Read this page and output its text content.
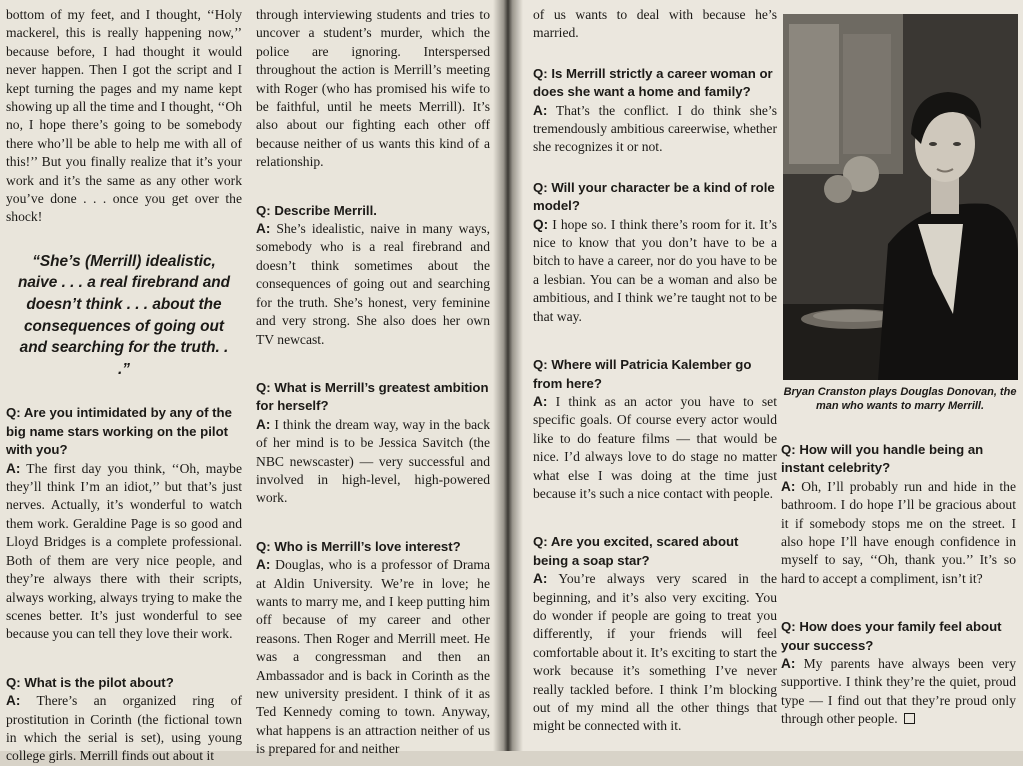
bottom of my feet, and I thought, ‘‘Holy mackerel, this is really happening now,’’ because before, I had thought it would never happen. Then I got the script and I kept turning the pages and my name kept showing up all the time and I thought, ‘‘Oh no, I hope there’s going to be somebody there who’ll be able to help me with all of this!’’ But you finally realize that it’s your work and it’s the same as any other work you’ve done . . . once you get over the shock!

“She’s (Merrill) idealistic, naive . . . a real firebrand and doesn’t think . . . about the consequences of going out and searching for the truth. . .”

Q: Are you intimidated by any of the big name stars working on the pilot with you?

A: The first day you think, ‘‘Oh, maybe they’ll think I’m an idiot,’’ but that’s just nerves. Actually, it’s wonderful to watch them work. Geraldine Page is so good and Lloyd Bridges is a complete professional. Both of them are very nice people, and they’re always there with their scripts, always working, always trying to make the scenes better. It’s just wonderful to see because you can tell they love their work.

Q: What is the pilot about?

A: There’s an organized ring of prostitution in Corinth (the fictional town in which the serial is set), using young college girls. Merrill finds out about it

through interviewing students and tries to uncover a student’s murder, which the police are ignoring. Interspersed throughout the action is Merrill’s meeting with Roger (who has promised his wife to be faithful, until he meets Merrill). It’s also about our fighting each other off because neither of us wants this kind of a relationship.

Q: Describe Merrill.

A: She’s idealistic, naive in many ways, somebody who is a real firebrand and doesn’t think sometimes about the consequences of going out and searching for the truth. She’s honest, very feminine and very strong. She also does her own TV newcast.

Q: What is Merrill’s greatest ambition for herself?

A: I think the dream way, way in the back of her mind is to be Jessica Savitch (the NBC newscaster) — very successful and involved in high-level, high-powered work.

Q: Who is Merrill’s love interest?

A: Douglas, who is a professor of Drama at Aldin University. We’re in love; he wants to marry me, and I keep putting him off because of my career and other reasons. Then Roger and Merrill meet. He was a congressman and then an Ambassador and is back in Corinth as the new university president. I think of it as Ted Kennedy coming to town. Anyway, what happens is an attraction neither of us is prepared for and neither

of us wants to deal with because he’s married.

Q: Is Merrill strictly a career woman or does she want a home and family?

A: That’s the conflict. I do think she’s tremendously ambitious careerwise, whether she recognizes it or not.

Q: Will your character be a kind of role model?

Q: I hope so. I think there’s room for it. It’s nice to know that you don’t have to be a bitch to have a career, nor do you have to be a lesbian. You can be a woman and also be ambitious, and I think we’re taught not to be that way.

Q: Where will Patricia Kalember go from here?

A: I think as an actor you have to set specific goals. Of course every actor would like to do feature films — that would be nice. I’d always love to do stage no matter what else I was doing at the time just because it’s such a nice contact with people.

Q: Are you excited, scared about being a soap star?

A: You’re always very scared in the beginning, and it’s also very exciting. You do wonder if people are going to treat you differently, if your friends will feel comfortable about it. It’s exciting to start the work because it’s something I’ve never really tackled before. I think I’m blocking out of my mind all the other things that might be connected with it.

Q: How will you handle being an instant celebrity?

A: Oh, I’ll probably run and hide in the bathroom. I do hope I’ll be gracious about it if somebody stops me on the street. I also hope I’ll have enough confidence in myself to say, ‘‘Oh, thank you.’’ It’s so hard to accept a compliment, isn’t it?

Q: How does your family feel about your success?

A: My parents have always been very supportive. I think they’re the quiet, proud type — I find out that they’re proud only through other people.

Bryan Cranston plays Douglas Donovan, the man who wants to marry Merrill.
